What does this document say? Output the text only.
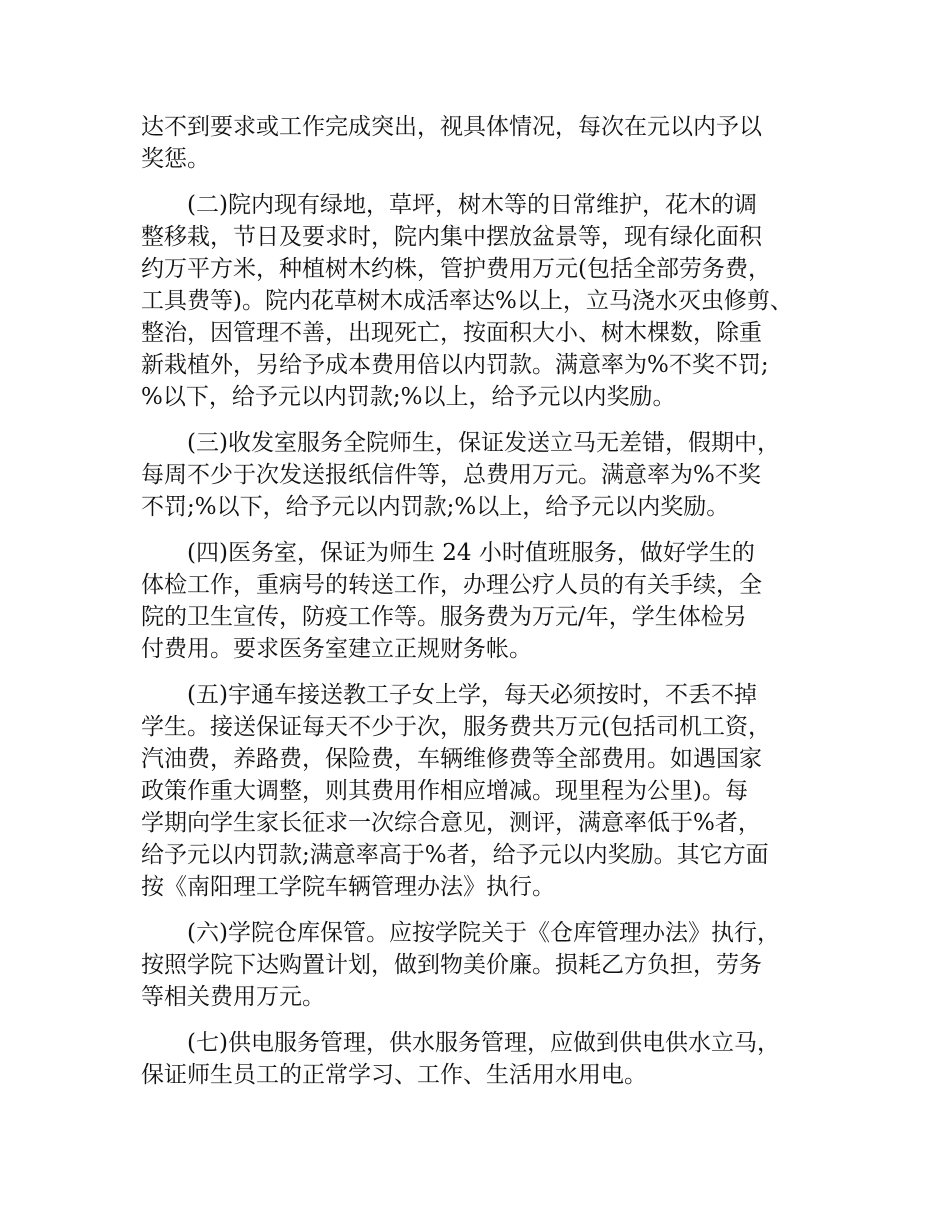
达不到要求或工作完成突出，视具体情况，每次在元以内予以
奖惩。

(二)院内现有绿地，草坪，树木等的日常维护，花木的调
整移栽，节日及要求时，院内集中摆放盆景等，现有绿化面积
约万平方米，种植树木约株，管护费用万元(包括全部劳务费，
工具费等)。院内花草树木成活率达%以上，立马浇水灭虫修剪、
整治，因管理不善，出现死亡，按面积大小、树木棵数，除重
新栽植外，另给予成本费用倍以内罚款。满意率为%不奖不罚;
%以下，给予元以内罚款;%以上，给予元以内奖励。

(三)收发室服务全院师生，保证发送立马无差错，假期中，
每周不少于次发送报纸信件等，总费用万元。满意率为%不奖
不罚;%以下，给予元以内罚款;%以上，给予元以内奖励。

(四)医务室，保证为师生 24 小时值班服务，做好学生的
体检工作，重病号的转送工作，办理公疗人员的有关手续，全
院的卫生宣传，防疫工作等。服务费为万元/年，学生体检另
付费用。要求医务室建立正规财务帐。

(五)宇通车接送教工子女上学，每天必须按时，不丢不掉
学生。接送保证每天不少于次，服务费共万元(包括司机工资，
汽油费，养路费，保险费，车辆维修费等全部费用。如遇国家
政策作重大调整，则其费用作相应增减。现里程为公里)。每
学期向学生家长征求一次综合意见，测评，满意率低于%者，
给予元以内罚款;满意率高于%者，给予元以内奖励。其它方面
按《南阳理工学院车辆管理办法》执行。

(六)学院仓库保管。应按学院关于《仓库管理办法》执行，
按照学院下达购置计划，做到物美价廉。损耗乙方负担，劳务
等相关费用万元。

(七)供电服务管理，供水服务管理，应做到供电供水立马，
保证师生员工的正常学习、工作、生活用水用电。
